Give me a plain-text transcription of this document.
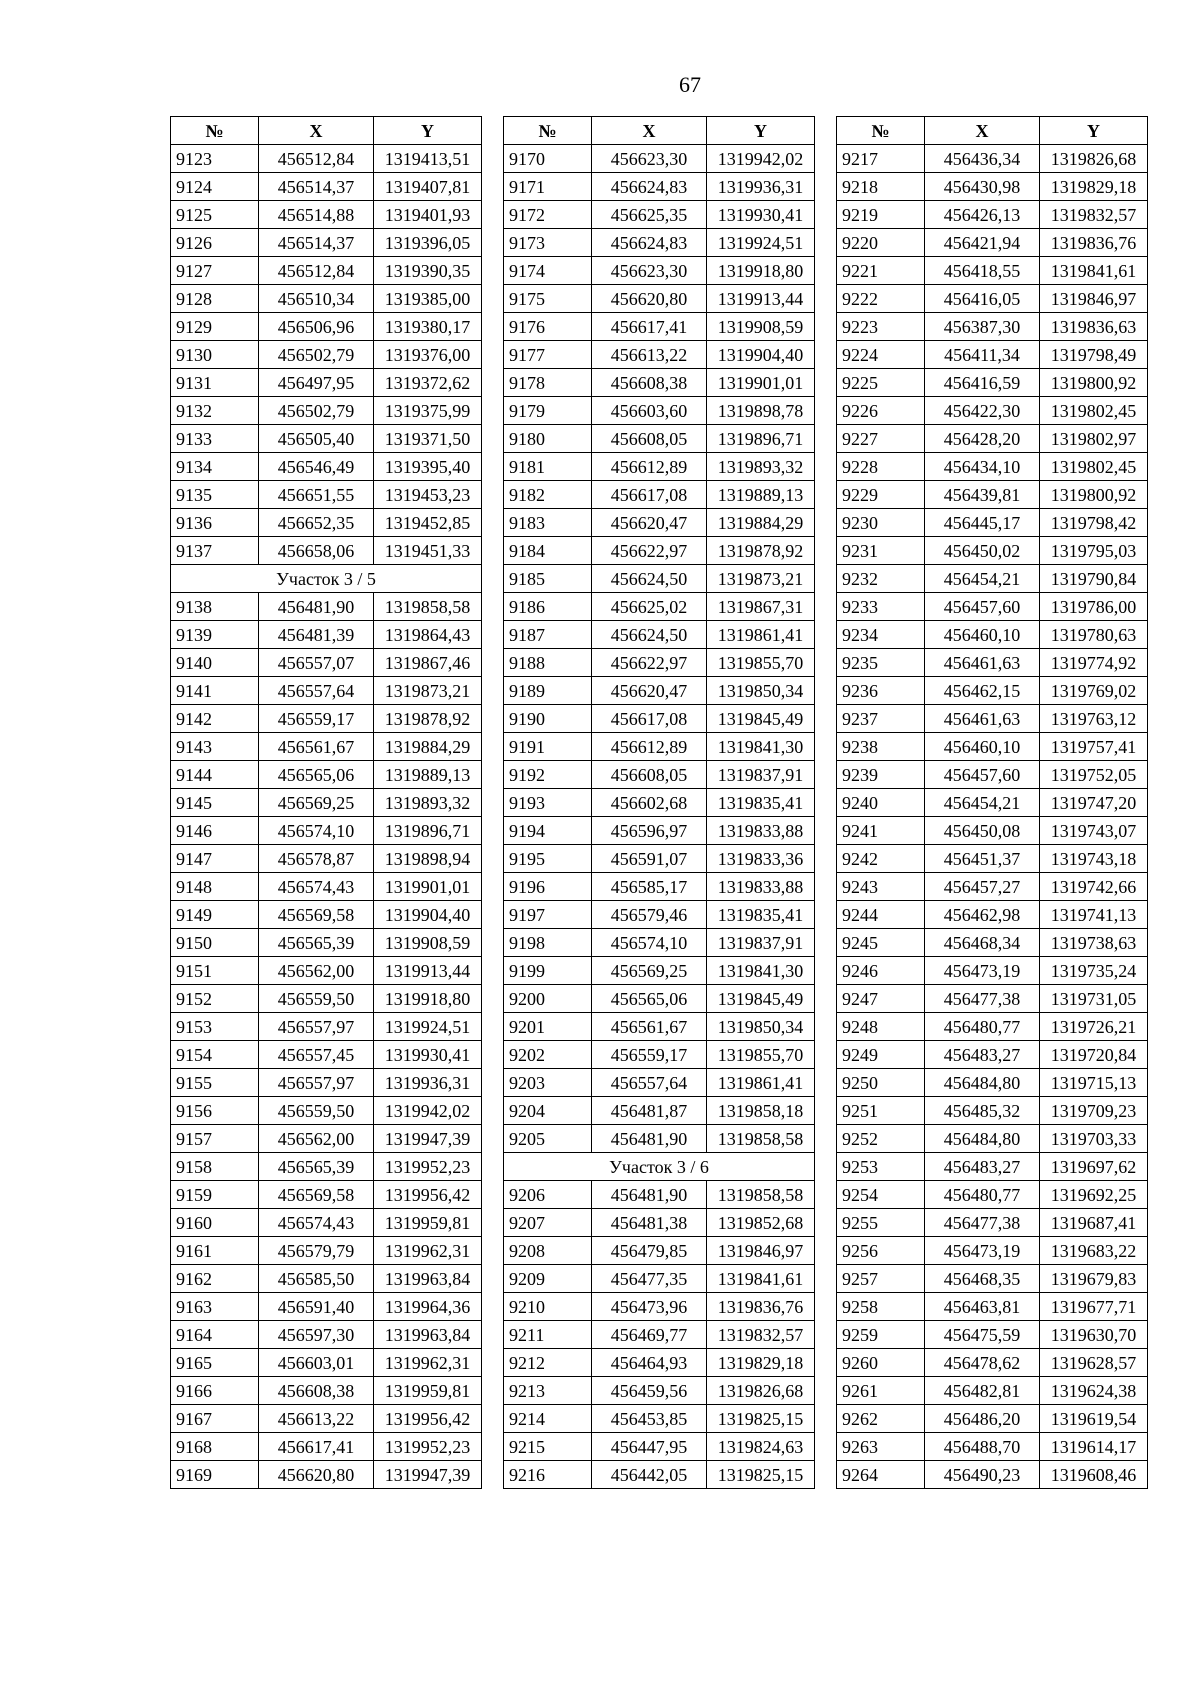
67
№	X	Y
9123	456512,84	1319413,51
9124	456514,37	1319407,81
9125	456514,88	1319401,93
9126	456514,37	1319396,05
9127	456512,84	1319390,35
9128	456510,34	1319385,00
9129	456506,96	1319380,17
9130	456502,79	1319376,00
9131	456497,95	1319372,62
9132	456502,79	1319375,99
9133	456505,40	1319371,50
9134	456546,49	1319395,40
9135	456651,55	1319453,23
9136	456652,35	1319452,85
9137	456658,06	1319451,33
Участок 3 / 5		
9138	456481,90	1319858,58
9139	456481,39	1319864,43
9140	456557,07	1319867,46
9141	456557,64	1319873,21
9142	456559,17	1319878,92
9143	456561,67	1319884,29
9144	456565,06	1319889,13
9145	456569,25	1319893,32
9146	456574,10	1319896,71
9147	456578,87	1319898,94
9148	456574,43	1319901,01
9149	456569,58	1319904,40
9150	456565,39	1319908,59
9151	456562,00	1319913,44
9152	456559,50	1319918,80
9153	456557,97	1319924,51
9154	456557,45	1319930,41
9155	456557,97	1319936,31
9156	456559,50	1319942,02
9157	456562,00	1319947,39
9158	456565,39	1319952,23
9159	456569,58	1319956,42
9160	456574,43	1319959,81
9161	456579,79	1319962,31
9162	456585,50	1319963,84
9163	456591,40	1319964,36
9164	456597,30	1319963,84
9165	456603,01	1319962,31
9166	456608,38	1319959,81
9167	456613,22	1319956,42
9168	456617,41	1319952,23
9169	456620,80	1319947,39
№	X	Y
9170	456623,30	1319942,02
9171	456624,83	1319936,31
9172	456625,35	1319930,41
9173	456624,83	1319924,51
9174	456623,30	1319918,80
9175	456620,80	1319913,44
9176	456617,41	1319908,59
9177	456613,22	1319904,40
9178	456608,38	1319901,01
9179	456603,60	1319898,78
9180	456608,05	1319896,71
9181	456612,89	1319893,32
9182	456617,08	1319889,13
9183	456620,47	1319884,29
9184	456622,97	1319878,92
9185	456624,50	1319873,21
9186	456625,02	1319867,31
9187	456624,50	1319861,41
9188	456622,97	1319855,70
9189	456620,47	1319850,34
9190	456617,08	1319845,49
9191	456612,89	1319841,30
9192	456608,05	1319837,91
9193	456602,68	1319835,41
9194	456596,97	1319833,88
9195	456591,07	1319833,36
9196	456585,17	1319833,88
9197	456579,46	1319835,41
9198	456574,10	1319837,91
9199	456569,25	1319841,30
9200	456565,06	1319845,49
9201	456561,67	1319850,34
9202	456559,17	1319855,70
9203	456557,64	1319861,41
9204	456481,87	1319858,18
9205	456481,90	1319858,58
Участок 3 / 6		
9206	456481,90	1319858,58
9207	456481,38	1319852,68
9208	456479,85	1319846,97
9209	456477,35	1319841,61
9210	456473,96	1319836,76
9211	456469,77	1319832,57
9212	456464,93	1319829,18
9213	456459,56	1319826,68
9214	456453,85	1319825,15
9215	456447,95	1319824,63
9216	456442,05	1319825,15
№	X	Y
9217	456436,34	1319826,68
9218	456430,98	1319829,18
9219	456426,13	1319832,57
9220	456421,94	1319836,76
9221	456418,55	1319841,61
9222	456416,05	1319846,97
9223	456387,30	1319836,63
9224	456411,34	1319798,49
9225	456416,59	1319800,92
9226	456422,30	1319802,45
9227	456428,20	1319802,97
9228	456434,10	1319802,45
9229	456439,81	1319800,92
9230	456445,17	1319798,42
9231	456450,02	1319795,03
9232	456454,21	1319790,84
9233	456457,60	1319786,00
9234	456460,10	1319780,63
9235	456461,63	1319774,92
9236	456462,15	1319769,02
9237	456461,63	1319763,12
9238	456460,10	1319757,41
9239	456457,60	1319752,05
9240	456454,21	1319747,20
9241	456450,08	1319743,07
9242	456451,37	1319743,18
9243	456457,27	1319742,66
9244	456462,98	1319741,13
9245	456468,34	1319738,63
9246	456473,19	1319735,24
9247	456477,38	1319731,05
9248	456480,77	1319726,21
9249	456483,27	1319720,84
9250	456484,80	1319715,13
9251	456485,32	1319709,23
9252	456484,80	1319703,33
9253	456483,27	1319697,62
9254	456480,77	1319692,25
9255	456477,38	1319687,41
9256	456473,19	1319683,22
9257	456468,35	1319679,83
9258	456463,81	1319677,71
9259	456475,59	1319630,70
9260	456478,62	1319628,57
9261	456482,81	1319624,38
9262	456486,20	1319619,54
9263	456488,70	1319614,17
9264	456490,23	1319608,46
